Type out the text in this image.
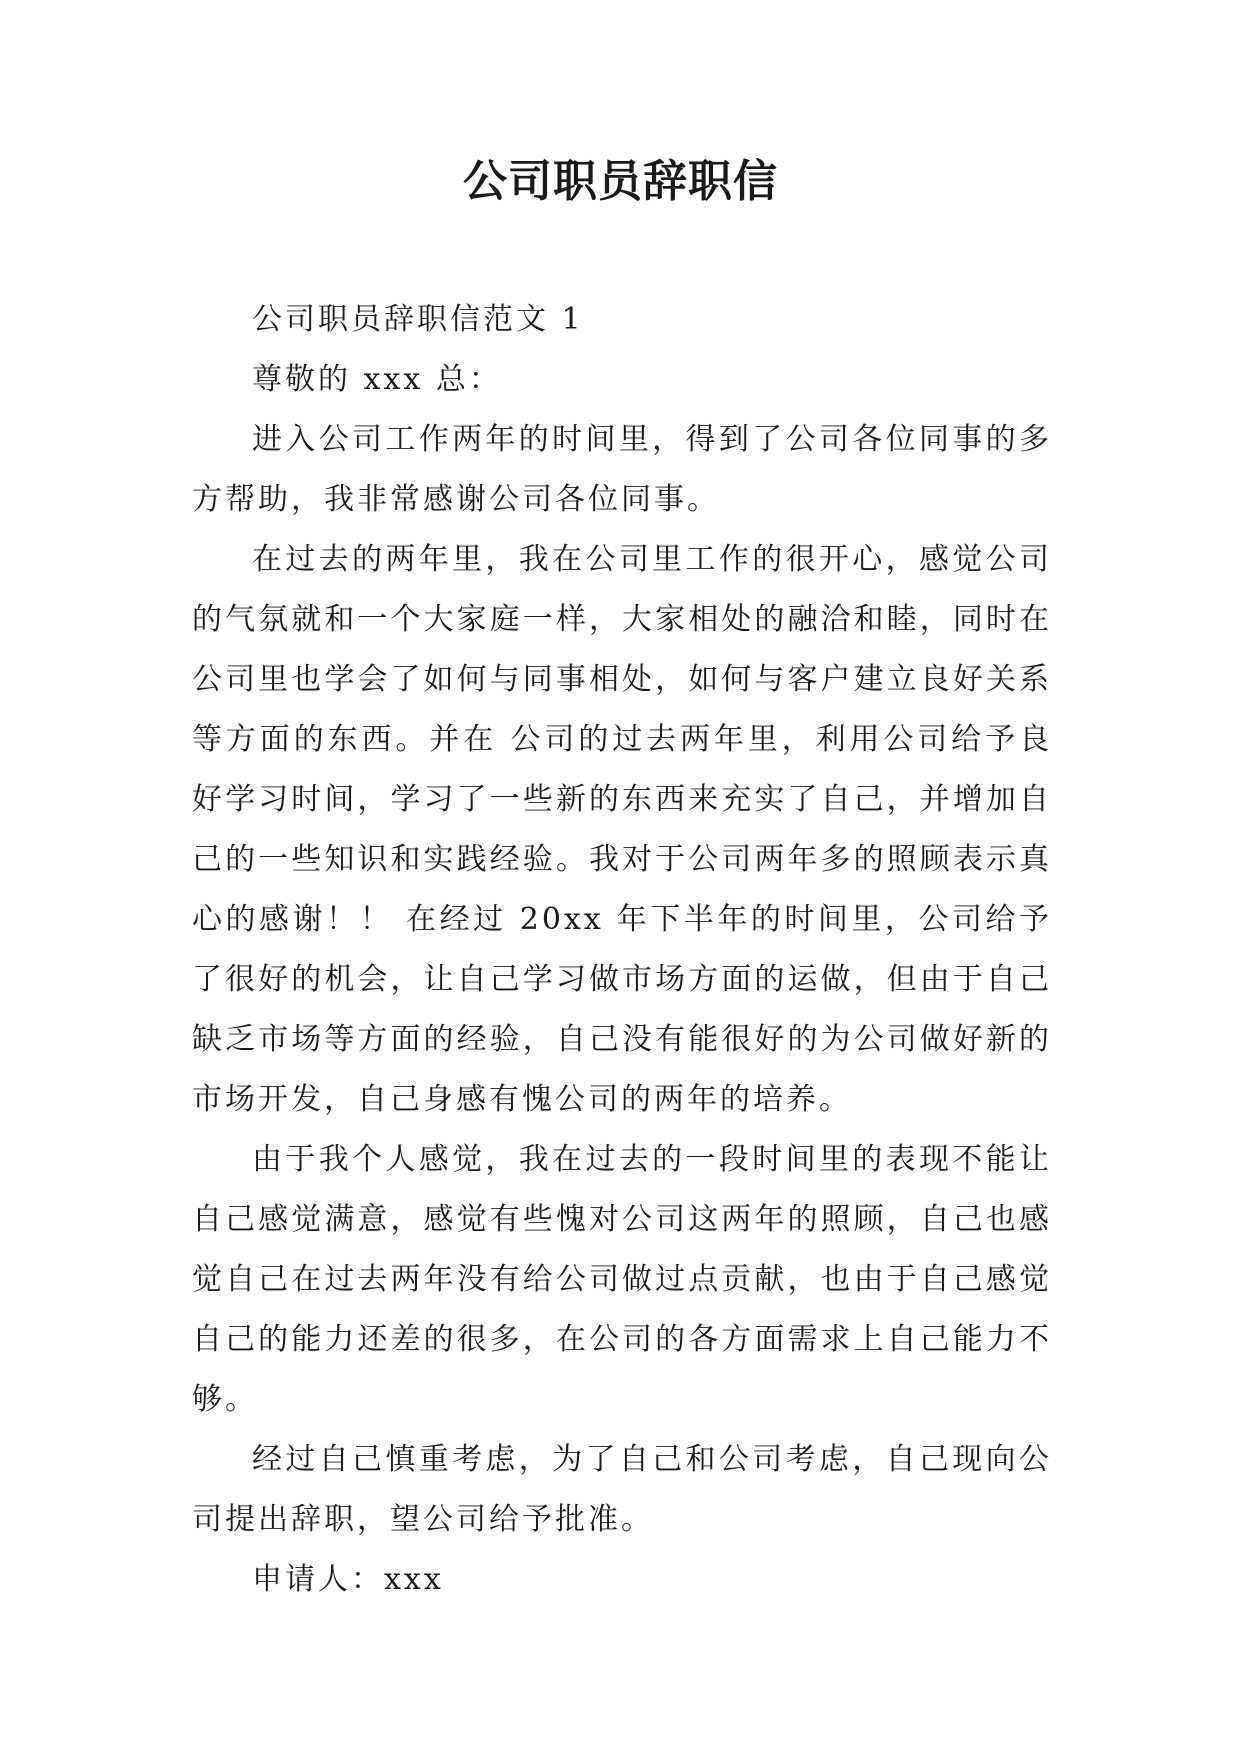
公司职员辞职信

公司职员辞职信范文 1

尊敬的 xxx 总：

进入公司工作两年的时间里，得到了公司各位同事的多方帮助，我非常感谢公司各位同事。

在过去的两年里，我在公司里工作的很开心，感觉公司的气氛就和一个大家庭一样，大家相处的融洽和睦，同时在公司里也学会了如何与同事相处，如何与客户建立良好关系等方面的东西。并在 公司的过去两年里，利用公司给予良好学习时间，学习了一些新的东西来充实了自己，并增加自己的一些知识和实践经验。我对于公司两年多的照顾表示真心的感谢！！ 在经过 20xx 年下半年的时间里，公司给予了很好的机会，让自己学习做市场方面的运做，但由于自己缺乏市场等方面的经验，自己没有能很好的为公司做好新的市场开发，自己身感有愧公司的两年的培养。

由于我个人感觉，我在过去的一段时间里的表现不能让自己感觉满意，感觉有些愧对公司这两年的照顾，自己也感觉自己在过去两年没有给公司做过点贡献，也由于自己感觉自己的能力还差的很多，在公司的各方面需求上自己能力不够。

经过自己慎重考虑，为了自己和公司考虑，自己现向公司提出辞职，望公司给予批准。

申请人：xxx
